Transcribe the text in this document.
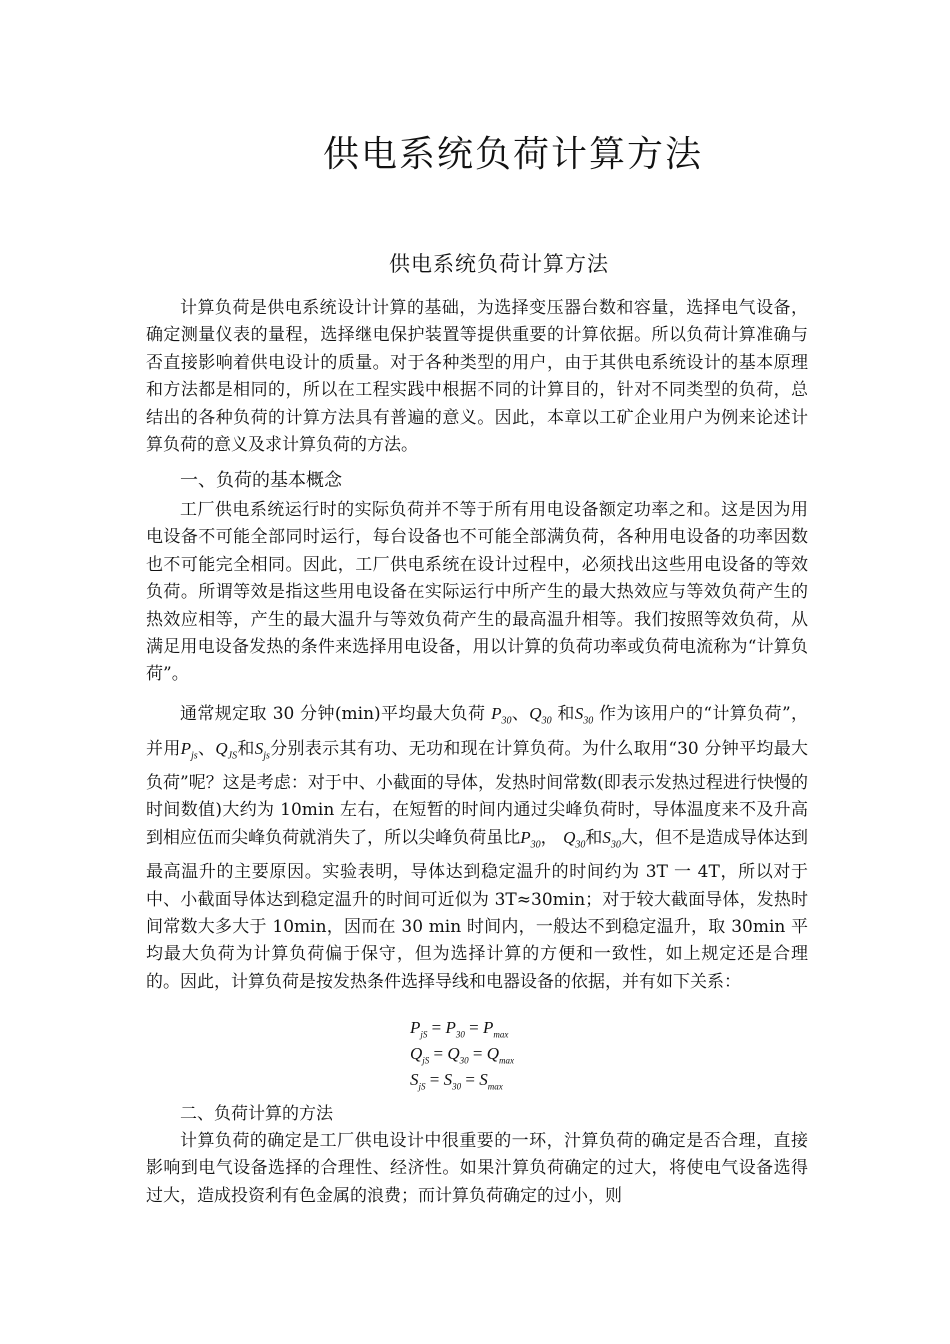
供电系统负荷计算方法
供电系统负荷计算方法

计算负荷是供电系统设计计算的基础，为选择变压器台数和容量，选择电气设备，确定测量仪表的量程，选择继电保护装置等提供重要的计算依据。所以负荷计算准确与否直接影响着供电设计的质量。对于各种类型的用户，由于其供电系统设计的基本原理和方法都是相同的，所以在工程实践中根据不同的计算目的，针对不同类型的负荷，总结出的各种负荷的计算方法具有普遍的意义。因此，本章以工矿企业用户为例来论述计算负荷的意义及求计算负荷的方法。

一、负荷的基本概念

工厂供电系统运行时的实际负荷并不等于所有用电设备额定功率之和。这是因为用电设备不可能全部同时运行，每台设备也不可能全部满负荷，各种用电设备的功率因数也不可能完全相同。因此，工厂供电系统在设计过程中，必须找出这些用电设备的等效负荷。所谓等效是指这些用电设备在实际运行中所产生的最大热效应与等效负荷产生的热效应相等，产生的最大温升与等效负荷产生的最高温升相等。我们按照等效负荷，从满足用电设备发热的条件来选择用电设备，用以计算的负荷功率或负荷电流称为“计算负荷”。

通常规定取 30 分钟(min)平均最大负荷 $P_{30}$、$Q_{30}$ 和$S_{30}$ 作为该用户的“计算负荷”，并用$P_{js}$、$Q_{JS}$和$S_{js}$分别表示其有功、无功和现在计算负荷。为什么取用“30 分钟平均最大负荷”呢？这是考虑：对于中、小截面的导体，发热时间常数(即表示发热过程进行快慢的时间数值)大约为 10min 左右，在短暂的时间内通过尖峰负荷时，导体温度来不及升高到相应伍而尖峰负荷就消失了，所以尖峰负荷虽比$P_{30}$， $Q_{30}$和$S_{30}$大，但不是造成导体达到最高温升的主要原因。实验表明，导体达到稳定温升的时间约为 3T 一 4T，所以对于中、小截面导体达到稳定温升的时间可近似为 3T≈30min；对于较大截面导体，发热时间常数大多大于 10min，因而在 30 min 时间内，一般达不到稳定温升，取 30min 平均最大负荷为计算负荷偏于保守，但为选择计算的方便和一致性，如上规定还是合理的。因此，计算负荷是按发热条件选择导线和电器设备的依据，并有如下关系：

$P_{jS} = P_{30} = P_{max}$
$Q_{jS} = Q_{30} = Q_{max}$
$S_{jS} = S_{30} = S_{max}$
二、负荷计算的方法

计算负荷的确定是工厂供电设计中很重要的一环，汁算负荷的确定是否合理，直接影响到电气设备选择的合理性、经济性。如果汁算负荷确定的过大，将使电气设备选得过大，造成投资利有色金属的浪费；而计算负荷确定的过小，则
